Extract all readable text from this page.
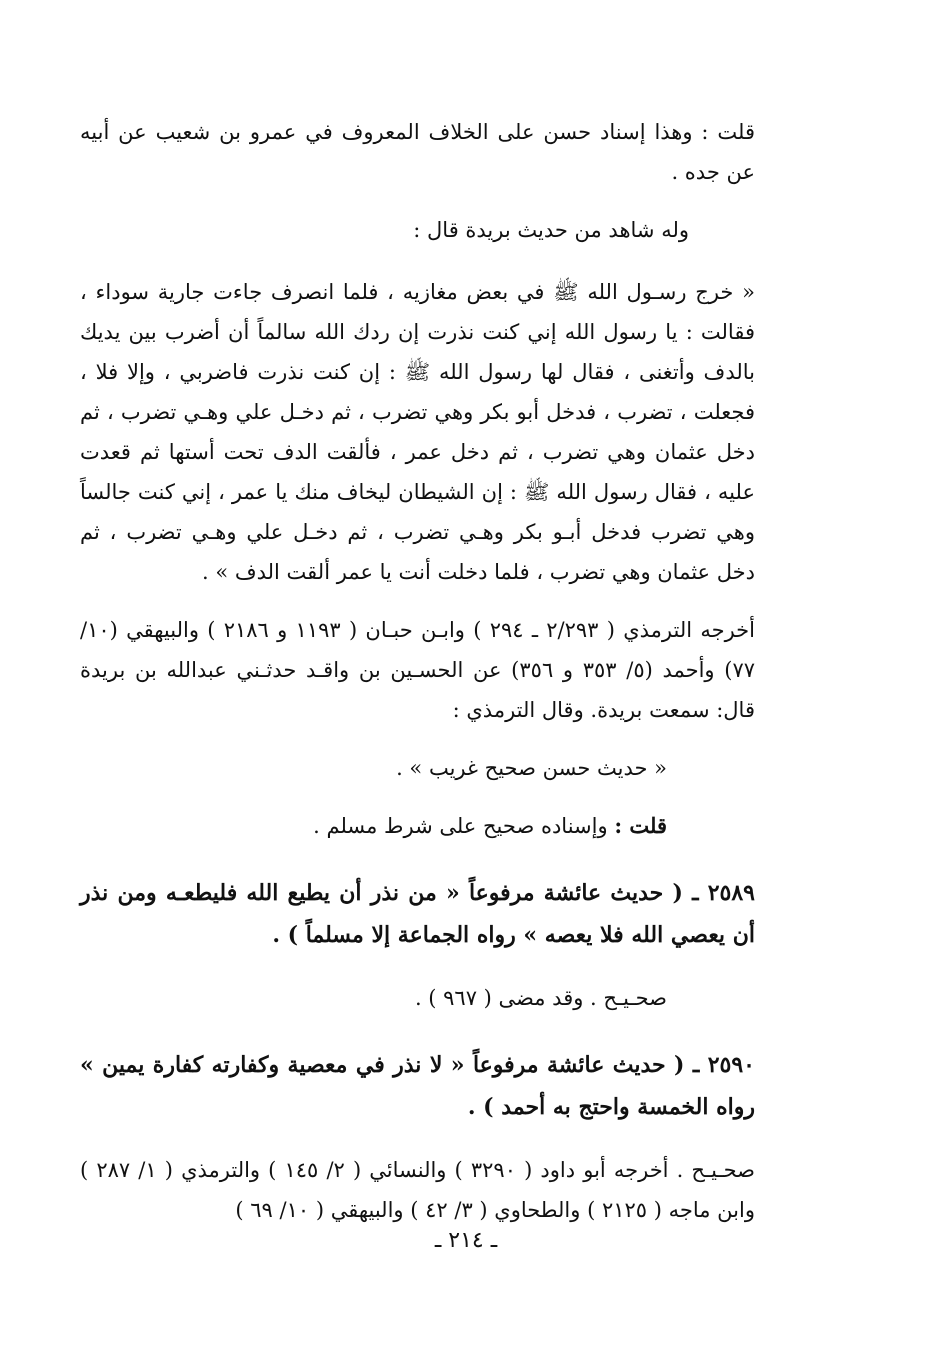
قلت : وهذا إسناد حسن على الخلاف المعروف في عمرو بن شعيب عن أبيه عن جده .

وله شاهد من حديث بريدة قال :

« خرج رسـول الله ﷺ في بعض مغازيه ، فلما انصرف جاءت جارية سوداء ، فقالت : يا رسول الله إني كنت نذرت إن ردك الله سالماً أن أضرب بين يديك بالدف وأتغنى ، فقال لها رسول الله ﷺ : إن كنت نذرت فاضربي ، وإلا فلا ، فجعلت ، تضرب ، فدخل أبو بكر وهي تضرب ، ثم دخـل علي وهـي تضرب ، ثم دخل عثمان وهي تضرب ، ثم دخل عمر ، فألقت الدف تحت أستها ثم قعدت عليه ، فقال رسول الله ﷺ : إن الشيطان ليخاف منك يا عمر ، إني كنت جالساً وهي تضرب فدخل أبـو بكر وهـي تضرب ، ثم دخـل علي وهـي تضرب ، ثم دخل عثمان وهي تضرب ، فلما دخلت أنت يا عمر ألقت الدف » .

أخرجه الترمذي ( ٢/٢٩٣ ـ ٢٩٤ ) وابـن حبـان ( ١١٩٣ و ٢١٨٦ ) والبيهقي (١٠/ ٧٧) وأحمد (٥/ ٣٥٣ و ٣٥٦) عن الحسـين بن واقـد حدثـني عبدالله بن بريدة قال: سمعت بريدة. وقال الترمذي :

« حديث حسن صحيح غريب » .

قلت : وإسناده صحيح على شرط مسلم .

٢٥٨٩ ـ ( حديث عائشة مرفوعاً « من نذر أن يطيع الله فليطعـه ومن نذر أن يعصي الله فلا يعصه » رواه الجماعة إلا مسلماً ) .

صحـيـح . وقد مضى ( ٩٦٧ ) .

٢٥٩٠ ـ ( حديث عائشة مرفوعاً « لا نذر في معصية وكفارته كفارة يمين » رواه الخمسة واحتج به أحمد ) .

صحـيـح . أخرجه أبو داود ( ٣٢٩٠ ) والنسائي ( ٢/ ١٤٥ ) والترمذي ( ١/ ٢٨٧ ) وابن ماجه ( ٢١٢٥ ) والطحاوي ( ٣/ ٤٢ ) والبيهقي ( ١٠/ ٦٩ )

ـ ٢١٤ ـ
